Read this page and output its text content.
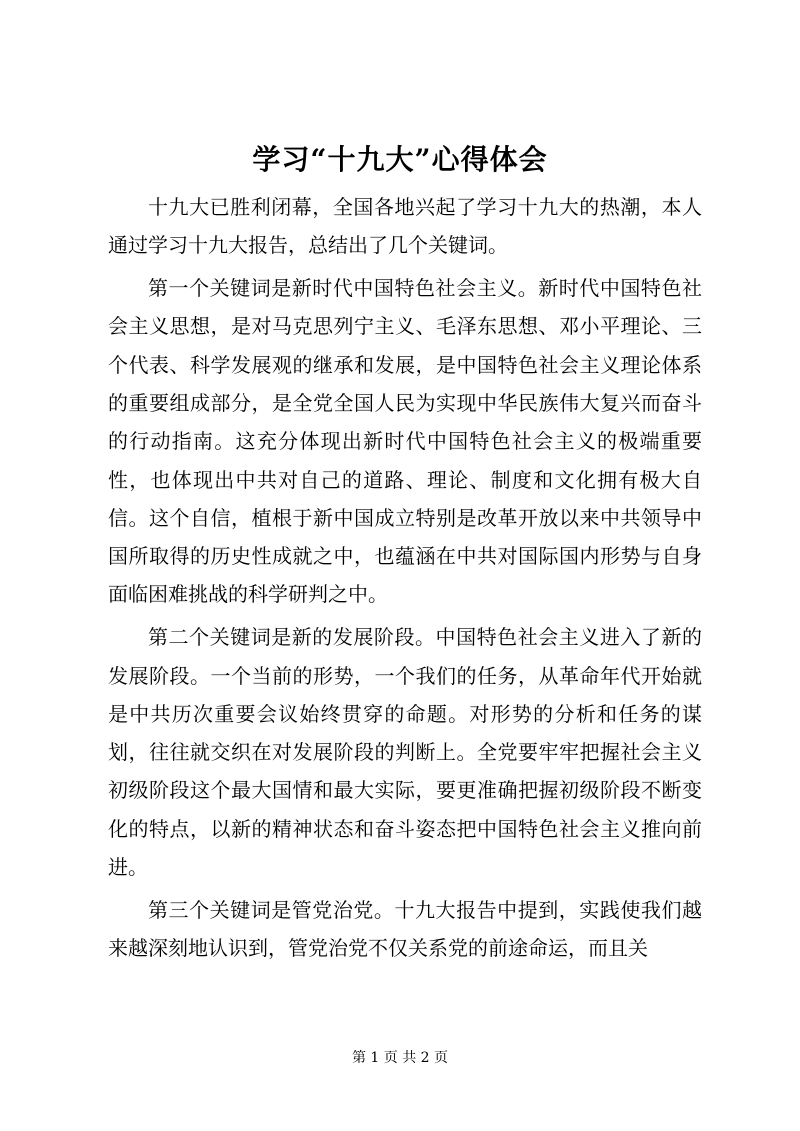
学习“十九大”心得体会

十九大已胜利闭幕，全国各地兴起了学习十九大的热潮，本人通过学习十九大报告，总结出了几个关键词。

第一个关键词是新时代中国特色社会主义。新时代中国特色社会主义思想，是对马克思列宁主义、毛泽东思想、邓小平理论、三个代表、科学发展观的继承和发展，是中国特色社会主义理论体系的重要组成部分，是全党全国人民为实现中华民族伟大复兴而奋斗的行动指南。这充分体现出新时代中国特色社会主义的极端重要性，也体现出中共对自己的道路、理论、制度和文化拥有极大自信。这个自信，植根于新中国成立特别是改革开放以来中共领导中国所取得的历史性成就之中，也蕴涵在中共对国际国内形势与自身面临困难挑战的科学研判之中。

第二个关键词是新的发展阶段。中国特色社会主义进入了新的发展阶段。一个当前的形势，一个我们的任务，从革命年代开始就是中共历次重要会议始终贯穿的命题。对形势的分析和任务的谋划，往往就交织在对发展阶段的判断上。全党要牢牢把握社会主义初级阶段这个最大国情和最大实际，要更准确把握初级阶段不断变化的特点，以新的精神状态和奋斗姿态把中国特色社会主义推向前进。

第三个关键词是管党治党。十九大报告中提到，实践使我们越来越深刻地认识到，管党治党不仅关系党的前途命运，而且关

第 1 页 共 2 页
